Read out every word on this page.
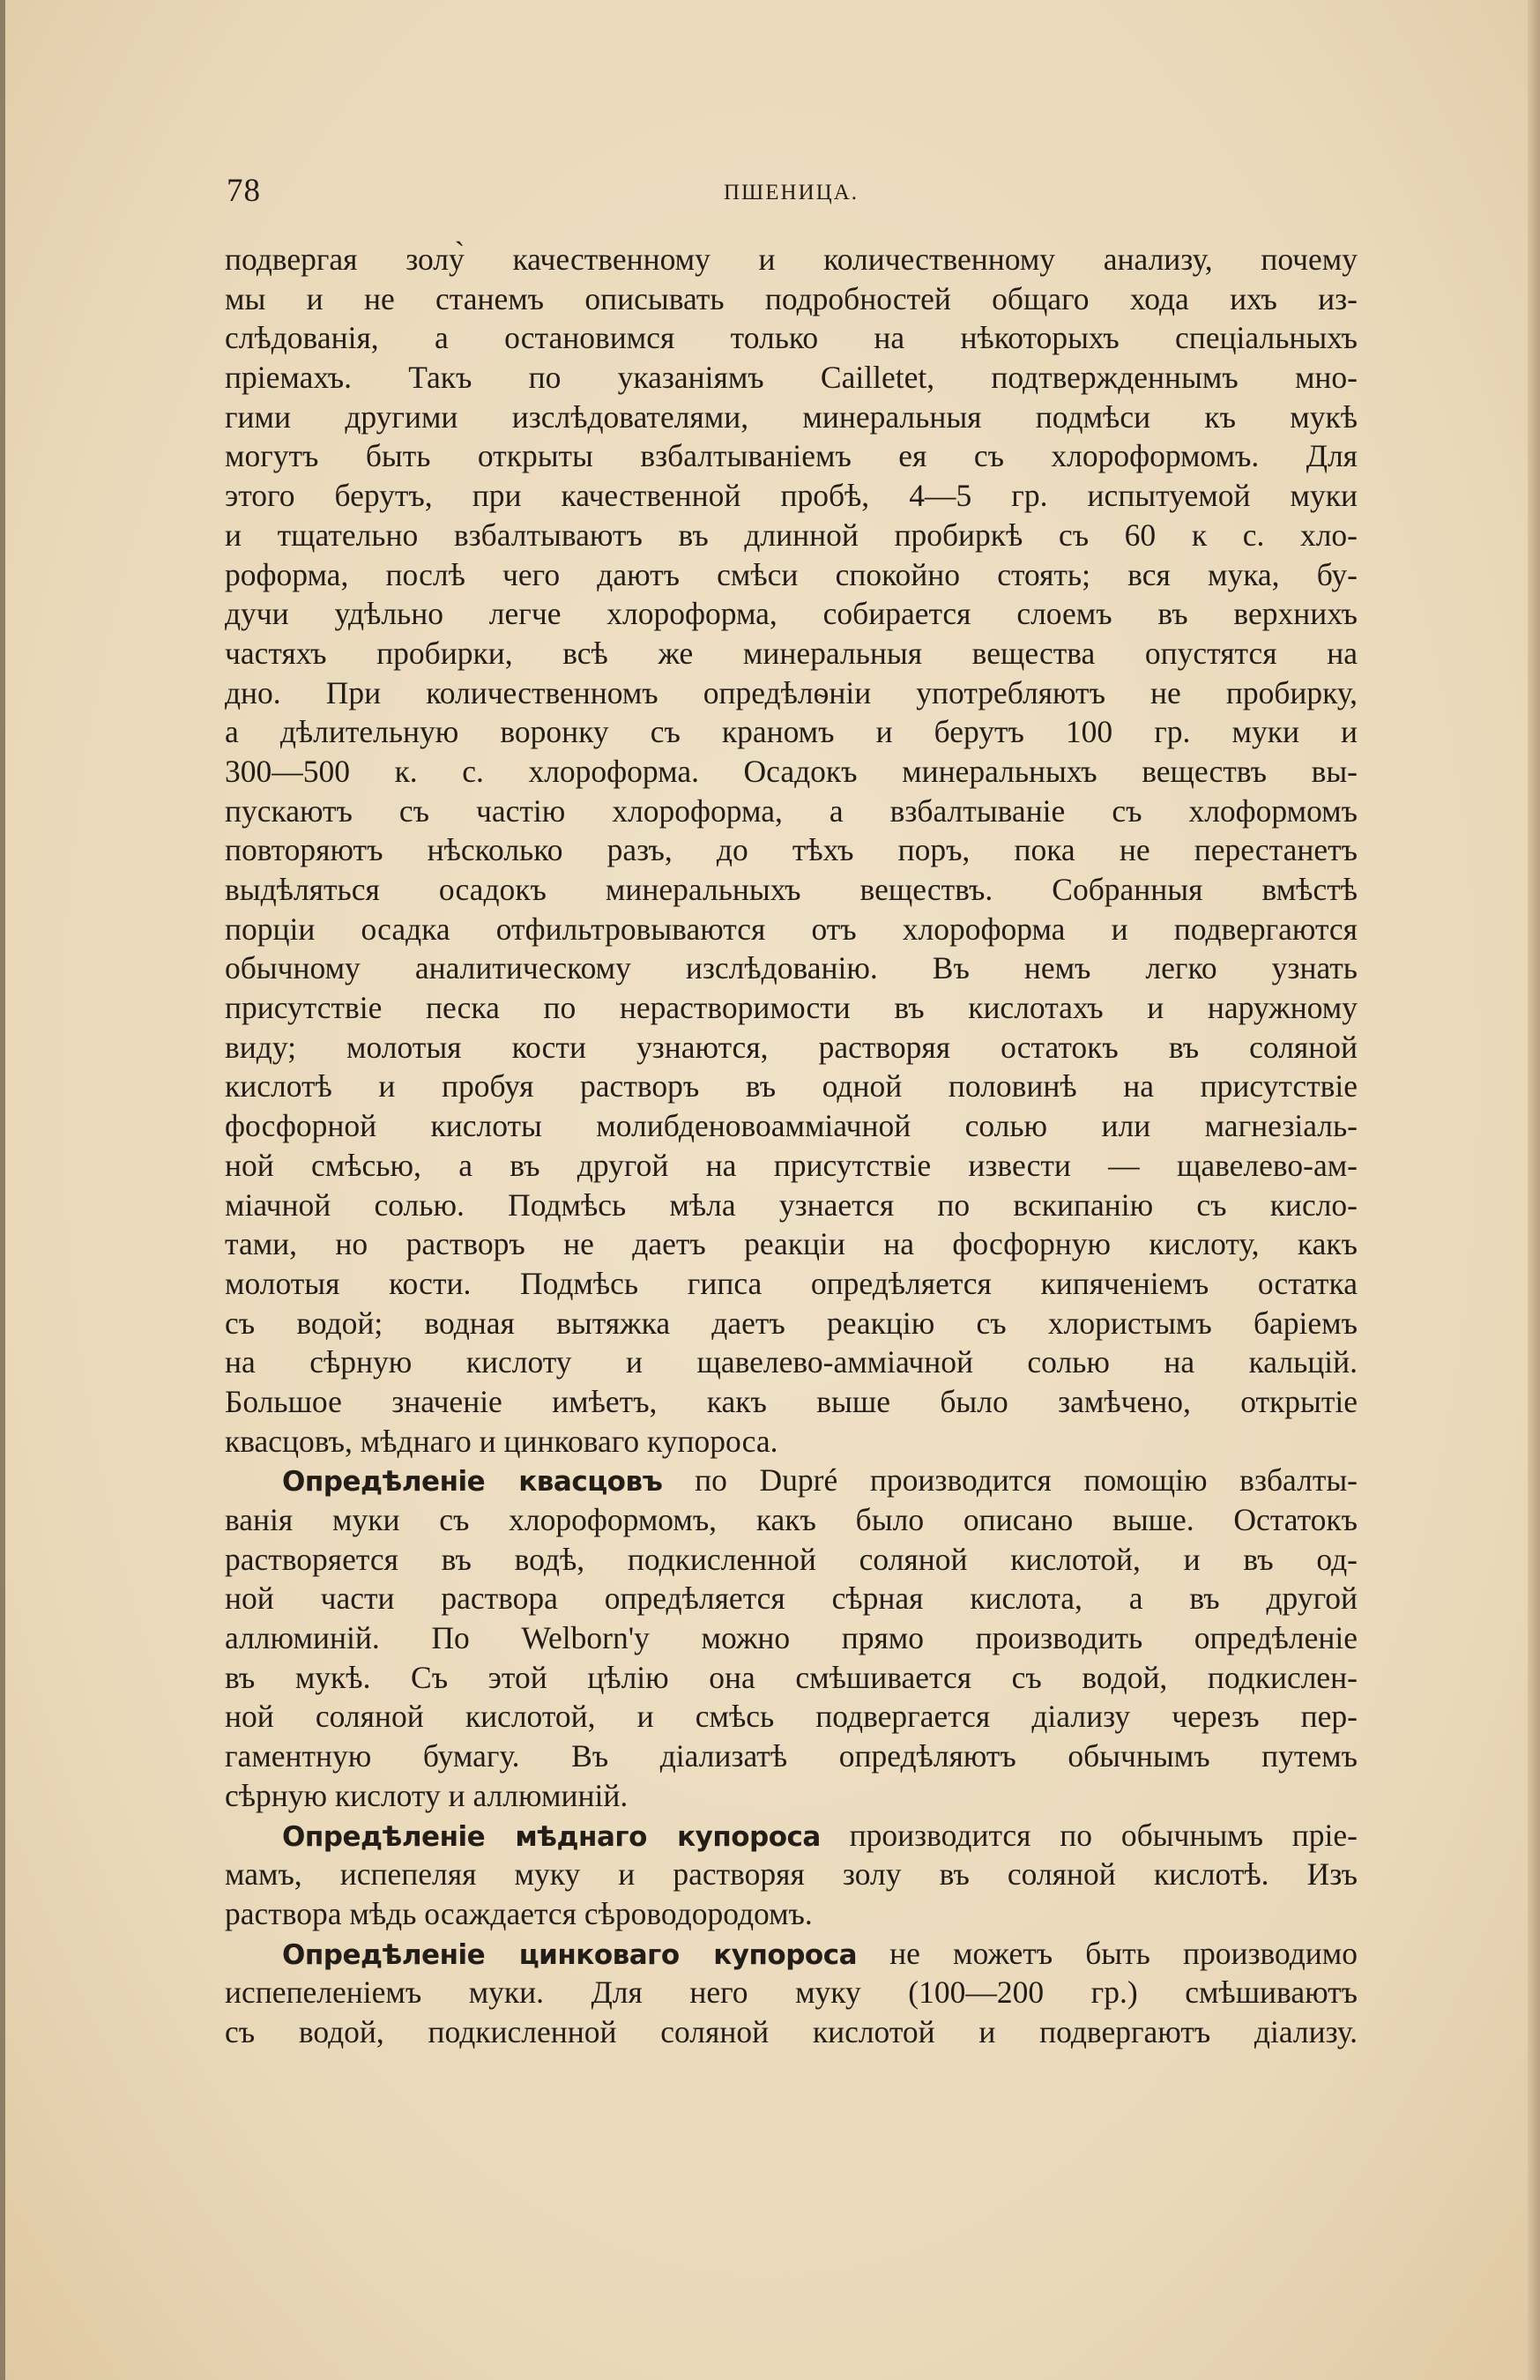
78	ПШЕНИЦА.
подвергая золу̀ качественному и количественному анализу, почему
мы и не станемъ описывать подробностей общаго хода ихъ из-
слѣдованія, а остановимся только на нѣкоторыхъ спеціальныхъ
пріемахъ. Такъ по указаніямъ Cailletet, подтвержденнымъ мно-
гими другими изслѣдователями, минеральныя подмѣси къ мукѣ
могутъ быть открыты взбалтываніемъ ея съ хлороформомъ. Для
этого берутъ, при качественной пробѣ, 4—5 гр. испытуемой муки
и тщательно взбалтываютъ въ длинной пробиркѣ съ 60 к с. хло-
роформа, послѣ чего даютъ смѣси спокойно стоять; вся мука, бу-
дучи удѣльно легче хлороформа, собирается слоемъ въ верхнихъ
частяхъ пробирки, всѣ же минеральныя вещества опустятся на
дно. При количественномъ опредѣлѳніи употребляютъ не пробирку,
а дѣлительную воронку съ краномъ и берутъ 100 гр. муки и
300—500 к. с. хлороформа. Осадокъ минеральныхъ веществъ вы-
пускаютъ съ частію хлороформа, а взбалтываніе съ хлоформомъ
повторяютъ нѣсколько разъ, до тѣхъ поръ, пока не перестанетъ
выдѣляться осадокъ минеральныхъ веществъ. Собранныя вмѣстѣ
порціи осадка отфильтровываются отъ хлороформа и подвергаются
обычному аналитическому изслѣдованію. Въ немъ легко узнать
присутствіе песка по нерастворимости въ кислотахъ и наружному
виду; молотыя кости узнаются, растворяя остатокъ въ соляной
кислотѣ и пробуя растворъ въ одной половинѣ на присутствіе
фосфорной кислоты молибденовоамміачной солью или магнезіаль-
ной смѣсью, а въ другой на присутствіе извести — щавелево-ам-
міачной солью. Подмѣсь мѣла узнается по вскипанію съ кисло-
тами, но растворъ не даетъ реакціи на фосфорную кислоту, какъ
молотыя кости. Подмѣсь гипса опредѣляется кипяченіемъ остатка
съ водой; водная вытяжка даетъ реакцію съ хлористымъ баріемъ
на сѣрную кислоту и щавелево-амміачной солью на кальцій.
Большое значеніе имѣетъ, какъ выше было замѣчено, открытіе
квасцовъ, мѣднаго и цинковаго купороса.
Опредѣленіе квасцовъ по Dupré производится помощію взбалты-
ванія муки съ хлороформомъ, какъ было описано выше. Остатокъ
растворяется въ водѣ, подкисленной соляной кислотой, и въ од-
ной части раствора опредѣляется сѣрная кислота, а въ другой
аллюминій. По Welborn'у можно прямо производить опредѣленіе
въ мукѣ. Съ этой цѣлію она смѣшивается съ водой, подкислен-
ной соляной кислотой, и смѣсь подвергается діализу черезъ пер-
гаментную бумагу. Въ діализатѣ опредѣляютъ обычнымъ путемъ
сѣрную кислоту и аллюминій.
Опредѣленіе мѣднаго купороса производится по обычнымъ пріе-
мамъ, испепеляя муку и растворяя золу въ соляной кислотѣ. Изъ
раствора мѣдь осаждается сѣроводородомъ.
Опредѣленіе цинковаго купороса не можетъ быть производимо
испепеленіемъ муки. Для него муку (100—200 гр.) смѣшиваютъ
съ водой, подкисленной соляной кислотой и подвергаютъ діализу.
